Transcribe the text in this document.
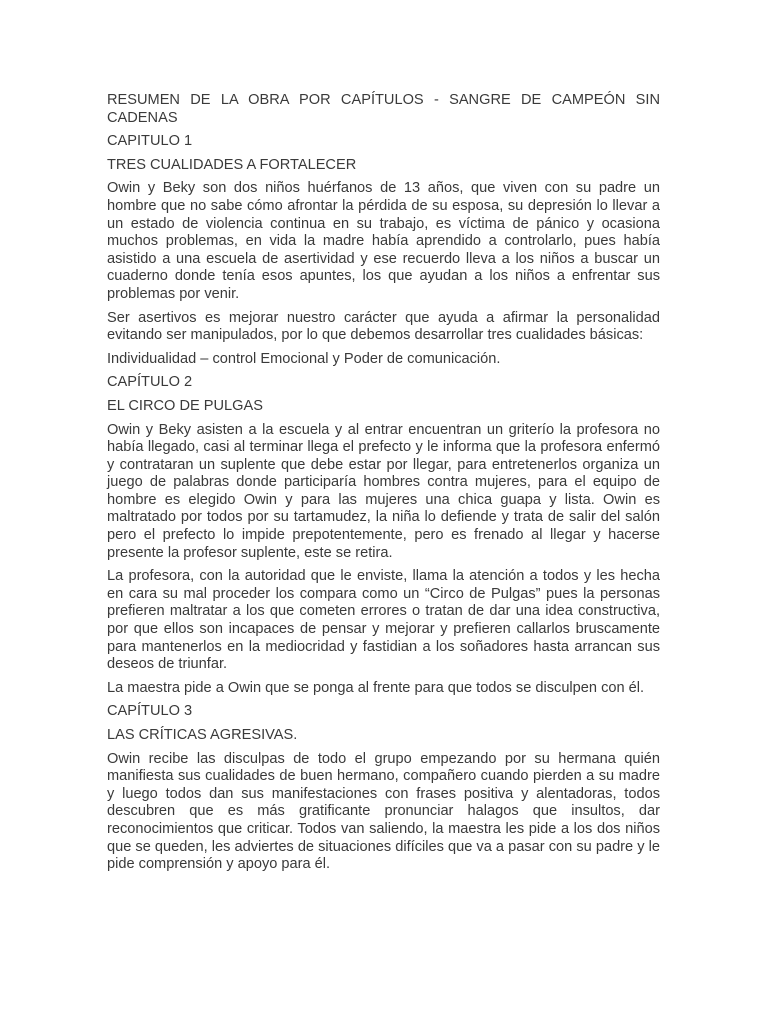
RESUMEN DE LA OBRA POR CAPÍTULOS - SANGRE DE CAMPEÓN SIN CADENAS
CAPITULO 1
TRES CUALIDADES A FORTALECER
Owin y Beky son dos niños huérfanos de 13 años, que viven con su padre un hombre que no sabe cómo afrontar la pérdida de su esposa, su depresión lo llevar a un estado de violencia continua en su trabajo, es víctima de pánico y ocasiona muchos problemas, en vida la madre había aprendido a controlarlo, pues había asistido a una escuela de asertividad y ese recuerdo lleva a los niños a buscar un cuaderno donde tenía esos apuntes, los que ayudan a los niños a enfrentar sus problemas por venir.
Ser asertivos es mejorar nuestro carácter que ayuda a afirmar la personalidad evitando ser manipulados, por lo que debemos desarrollar tres cualidades básicas:
Individualidad – control Emocional y Poder de comunicación.
CAPÍTULO 2
EL CIRCO DE PULGAS
Owin y Beky asisten a la escuela y al entrar encuentran un griterío la profesora no había llegado, casi al terminar llega el prefecto y le informa que la profesora enfermó y contrataran un suplente que debe estar por llegar, para entretenerlos organiza un juego de palabras donde participaría hombres contra mujeres, para el equipo de hombre es elegido Owin y para las mujeres una chica guapa y lista. Owin es maltratado por todos por su tartamudez, la niña lo defiende y trata de salir del salón pero el prefecto lo impide prepotentemente, pero es frenado al llegar y hacerse presente la profesor suplente, este se retira.
La profesora, con la autoridad que le enviste, llama la atención a todos y les hecha en cara su mal proceder los compara como un “Circo de Pulgas” pues la personas prefieren maltratar a los que cometen errores o tratan de dar una idea constructiva, por que ellos son incapaces de pensar y mejorar y prefieren callarlos bruscamente para mantenerlos en la mediocridad y fastidian a los soñadores hasta arrancan sus deseos de triunfar.
La maestra pide a Owin que se ponga al frente para que todos se disculpen con él.
CAPÍTULO 3
LAS CRÍTICAS AGRESIVAS.
Owin recibe las disculpas de todo el grupo empezando por su hermana quién manifiesta sus cualidades de buen hermano, compañero cuando pierden a su madre y luego todos dan sus manifestaciones con frases positiva y alentadoras, todos descubren que es más gratificante pronunciar halagos que insultos, dar reconocimientos que criticar. Todos van saliendo, la maestra les pide a los dos niños que se queden, les adviertes de situaciones difíciles que va a pasar con su padre y le pide comprensión y apoyo para él.
